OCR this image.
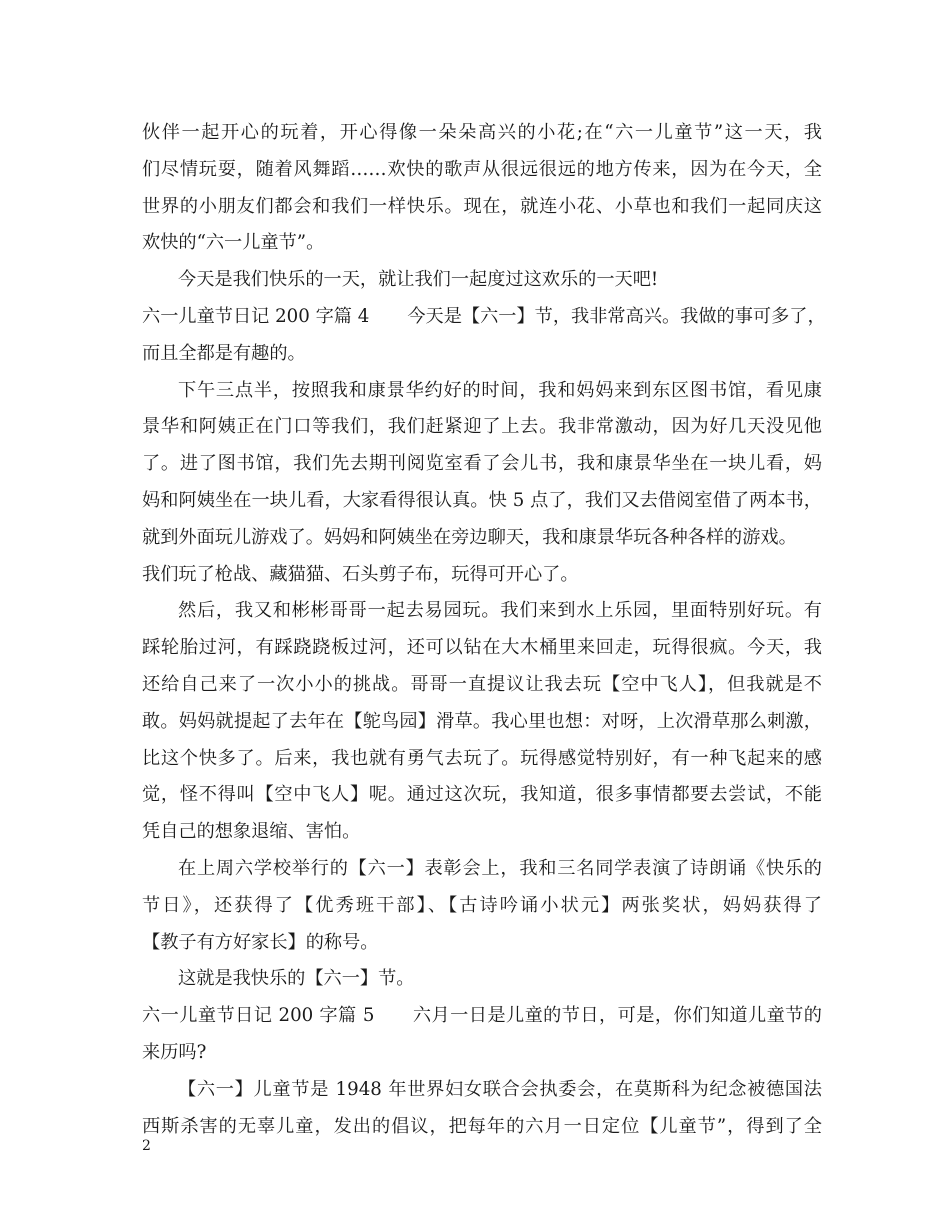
伙伴一起开心的玩着，开心得像一朵朵高兴的小花;在“六一儿童节”这一天，我
们尽情玩耍，随着风舞蹈……欢快的歌声从很远很远的地方传来，因为在今天，全
世界的小朋友们都会和我们一样快乐。现在，就连小花、小草也和我们一起同庆这
欢快的“六一儿童节”。
今天是我们快乐的一天，就让我们一起度过这欢乐的一天吧!
六一儿童节日记 200 字篇 4 今天是【六一】节，我非常高兴。我做的事可多了，
而且全都是有趣的。
下午三点半，按照我和康景华约好的时间，我和妈妈来到东区图书馆，看见康
景华和阿姨正在门口等我们，我们赶紧迎了上去。我非常激动，因为好几天没见他
了。进了图书馆，我们先去期刊阅览室看了会儿书，我和康景华坐在一块儿看，妈
妈和阿姨坐在一块儿看，大家看得很认真。快 5 点了，我们又去借阅室借了两本书，
就到外面玩儿游戏了。妈妈和阿姨坐在旁边聊天，我和康景华玩各种各样的游戏。
我们玩了枪战、藏猫猫、石头剪子布，玩得可开心了。
然后，我又和彬彬哥哥一起去易园玩。我们来到水上乐园，里面特别好玩。有
踩轮胎过河，有踩跷跷板过河，还可以钻在大木桶里来回走，玩得很疯。今天，我
还给自己来了一次小小的挑战。哥哥一直提议让我去玩【空中飞人】，但我就是不
敢。妈妈就提起了去年在【鸵鸟园】滑草。我心里也想：对呀，上次滑草那么刺激，
比这个快多了。后来，我也就有勇气去玩了。玩得感觉特别好，有一种飞起来的感
觉，怪不得叫【空中飞人】呢。通过这次玩，我知道，很多事情都要去尝试，不能
凭自己的想象退缩、害怕。
在上周六学校举行的【六一】表彰会上，我和三名同学表演了诗朗诵《快乐的
节日》，还获得了【优秀班干部】、【古诗吟诵小状元】两张奖状，妈妈获得了
【教子有方好家长】的称号。
这就是我快乐的【六一】节。
六一儿童节日记 200 字篇 5 六月一日是儿童的节日，可是，你们知道儿童节的
来历吗?
【六一】儿童节是 1948 年世界妇女联合会执委会，在莫斯科为纪念被德国法
西斯杀害的无辜儿童，发出的倡议，把每年的六月一日定位【儿童节”，得到了全
2
